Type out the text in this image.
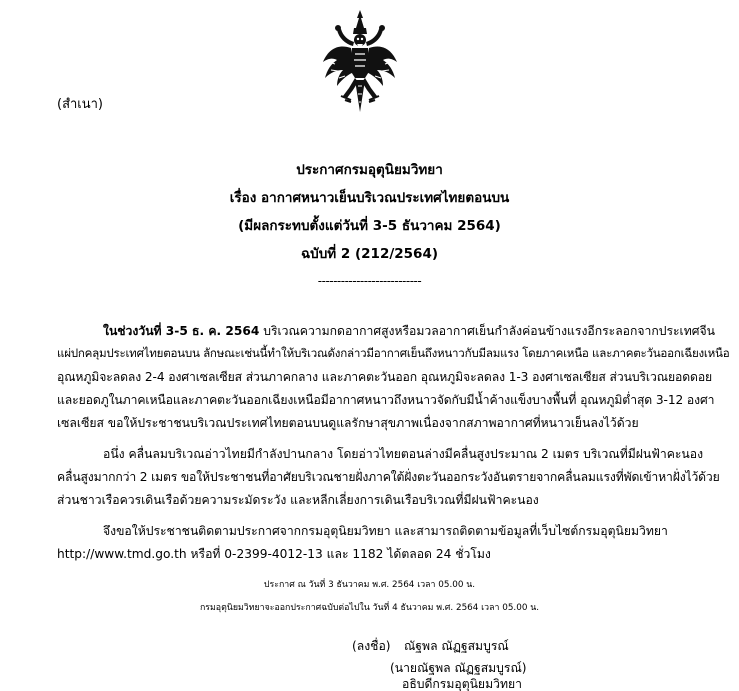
(สำเนา)
ประกาศกรมอุตุนิยมวิทยา
เรื่อง อากาศหนาวเย็นบริเวณประเทศไทยตอนบน
(มีผลกระทบตั้งแต่วันที่ 3-5 ธันวาคม 2564)
ฉบับที่ 2 (212/2564)
---------------------------
ในช่วงวันที่ 3-5 ธ. ค. 2564 บริเวณความกดอากาศสูงหรือมวลอากาศเย็นกำลังค่อนข้างแรงอีกระลอกจากประเทศจีน
แผ่ปกคลุมประเทศไทยตอนบน ลักษณะเช่นนี้ทำให้บริเวณดังกล่าวมีอากาศเย็นถึงหนาวกับมีลมแรง โดยภาคเหนือ และภาคตะวันออกเฉียงเหนือ
อุณหภูมิจะลดลง 2-4 องศาเซลเซียส ส่วนภาคกลาง และภาคตะวันออก อุณหภูมิจะลดลง 1-3 องศาเซลเซียส ส่วนบริเวณยอดดอย
และยอดภูในภาคเหนือและภาคตะวันออกเฉียงเหนือมีอากาศหนาวถึงหนาวจัดกับมีน้ำค้างแข็งบางพื้นที่ อุณหภูมิต่ำสุด 3-12 องศา
เซลเซียส ขอให้ประชาชนบริเวณประเทศไทยตอนบนดูแลรักษาสุขภาพเนื่องจากสภาพอากาศที่หนาวเย็นลงไว้ด้วย
อนึ่ง คลื่นลมบริเวณอ่าวไทยมีกำลังปานกลาง โดยอ่าวไทยตอนล่างมีคลื่นสูงประมาณ 2 เมตร บริเวณที่มีฝนฟ้าคะนอง
คลื่นสูงมากกว่า 2 เมตร ขอให้ประชาชนที่อาศัยบริเวณชายฝั่งภาคใต้ฝั่งตะวันออกระวังอันตรายจากคลื่นลมแรงที่พัดเข้าหาฝั่งไว้ด้วย
ส่วนชาวเรือควรเดินเรือด้วยความระมัดระวัง และหลีกเลี่ยงการเดินเรือบริเวณที่มีฝนฟ้าคะนอง
จึงขอให้ประชาชนติดตามประกาศจากกรมอุตุนิยมวิทยา และสามารถติดตามข้อมูลที่เว็บไซต์กรมอุตุนิยมวิทยา
http://www.tmd.go.th หรือที่ 0-2399-4012-13 และ 1182 ได้ตลอด 24 ชั่วโมง
ประกาศ ณ วันที่ 3 ธันวาคม พ.ศ. 2564 เวลา 05.00 น.
กรมอุตุนิยมวิทยาจะออกประกาศฉบับต่อไปใน วันที่ 4 ธันวาคม พ.ศ. 2564 เวลา 05.00 น.
(ลงชื่อ) ณัฐพล ณัฏฐสมบูรณ์
(นายณัฐพล ณัฏฐสมบูรณ์)
อธิบดีกรมอุตุนิยมวิทยา
